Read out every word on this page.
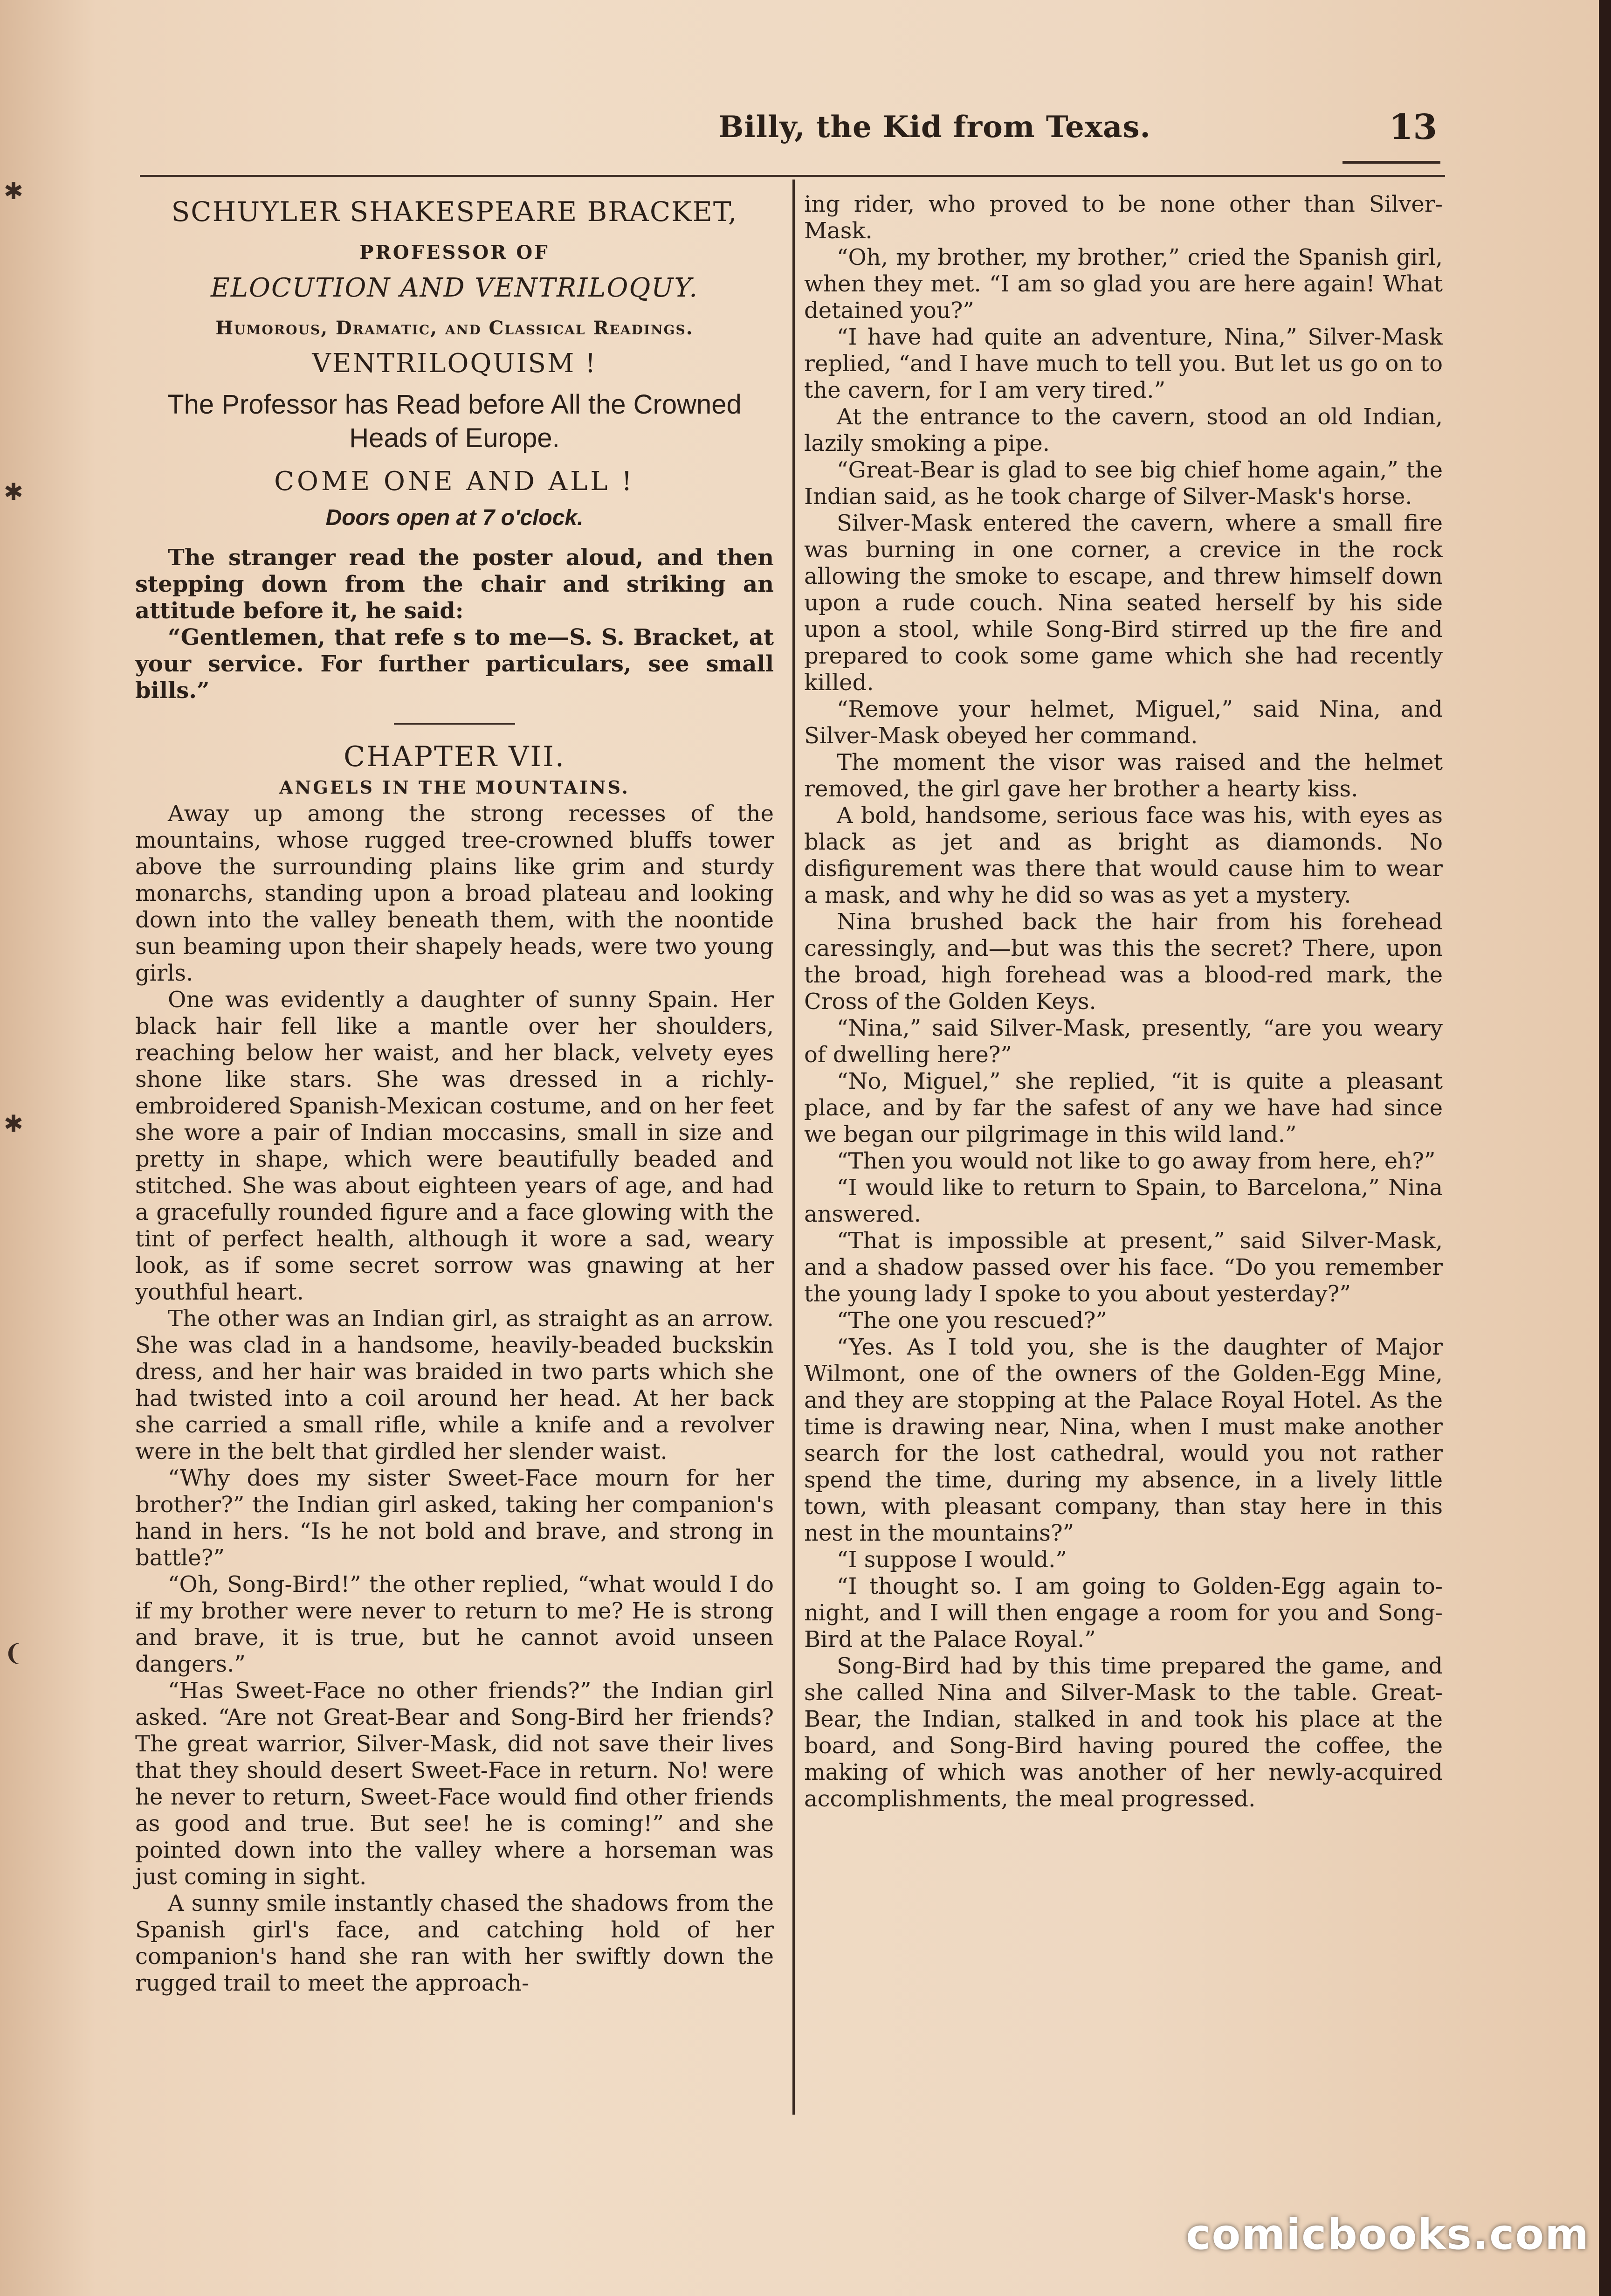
✱
✱
✱
❨
Billy, the Kid from Texas.	13
SCHUYLER SHAKESPEARE BRACKET,
PROFESSOR OF
ELOCUTION AND VENTRILOQUY.
Humorous, Dramatic, and Classical Readings.
VENTRILOQUISM !
The Professor has Read before All the Crowned Heads of Europe.
COME ONE AND ALL !
Doors open at 7 o'clock.

The stranger read the poster aloud, and then stepping down from the chair and striking an attitude before it, he said:

“Gentlemen, that refe s to me—S. S. Bracket, at your service. For further particulars, see small bills.”

CHAPTER VII.
ANGELS IN THE MOUNTAINS.

Away up among the strong recesses of the mountains, whose rugged tree-crowned bluffs tower above the surrounding plains like grim and sturdy monarchs, standing upon a broad plateau and looking down into the valley beneath them, with the noontide sun beaming upon their shapely heads, were two young girls.

One was evidently a daughter of sunny Spain. Her black hair fell like a mantle over her shoulders, reaching below her waist, and her black, velvety eyes shone like stars. She was dressed in a richly-embroidered Spanish-Mexican costume, and on her feet she wore a pair of Indian moccasins, small in size and pretty in shape, which were beautifully beaded and stitched. She was about eighteen years of age, and had a gracefully rounded figure and a face glowing with the tint of perfect health, although it wore a sad, weary look, as if some secret sorrow was gnawing at her youthful heart.

The other was an Indian girl, as straight as an arrow. She was clad in a handsome, heavily-beaded buckskin dress, and her hair was braided in two parts which she had twisted into a coil around her head. At her back she carried a small rifle, while a knife and a revolver were in the belt that girdled her slender waist.

“Why does my sister Sweet-Face mourn for her brother?” the Indian girl asked, taking her companion's hand in hers. “Is he not bold and brave, and strong in battle?”

“Oh, Song-Bird!” the other replied, “what would I do if my brother were never to return to me? He is strong and brave, it is true, but he cannot avoid unseen dangers.”

“Has Sweet-Face no other friends?” the Indian girl asked. “Are not Great-Bear and Song-Bird her friends? The great warrior, Silver-Mask, did not save their lives that they should desert Sweet-Face in return. No! were he never to return, Sweet-Face would find other friends as good and true. But see! he is coming!” and she pointed down into the valley where a horseman was just coming in sight.

A sunny smile instantly chased the shadows from the Spanish girl's face, and catching hold of her companion's hand she ran with her swiftly down the rugged trail to meet the approach-

ing rider, who proved to be none other than Silver-Mask.

“Oh, my brother, my brother,” cried the Spanish girl, when they met. “I am so glad you are here again! What detained you?”

“I have had quite an adventure, Nina,” Silver-Mask replied, “and I have much to tell you. But let us go on to the cavern, for I am very tired.”

At the entrance to the cavern, stood an old Indian, lazily smoking a pipe.

“Great-Bear is glad to see big chief home again,” the Indian said, as he took charge of Silver-Mask's horse.

Silver-Mask entered the cavern, where a small fire was burning in one corner, a crevice in the rock allowing the smoke to escape, and threw himself down upon a rude couch. Nina seated herself by his side upon a stool, while Song-Bird stirred up the fire and prepared to cook some game which she had recently killed.

“Remove your helmet, Miguel,” said Nina, and Silver-Mask obeyed her command.

The moment the visor was raised and the helmet removed, the girl gave her brother a hearty kiss.

A bold, handsome, serious face was his, with eyes as black as jet and as bright as diamonds. No disfigurement was there that would cause him to wear a mask, and why he did so was as yet a mystery.

Nina brushed back the hair from his forehead caressingly, and—but was this the secret? There, upon the broad, high forehead was a blood-red mark, the Cross of the Golden Keys.

“Nina,” said Silver-Mask, presently, “are you weary of dwelling here?”

“No, Miguel,” she replied, “it is quite a pleasant place, and by far the safest of any we have had since we began our pilgrimage in this wild land.”

“Then you would not like to go away from here, eh?”

“I would like to return to Spain, to Barcelona,” Nina answered.

“That is impossible at present,” said Silver-Mask, and a shadow passed over his face. “Do you remember the young lady I spoke to you about yesterday?”

“The one you rescued?”

“Yes. As I told you, she is the daughter of Major Wilmont, one of the owners of the Golden-Egg Mine, and they are stopping at the Palace Royal Hotel. As the time is drawing near, Nina, when I must make another search for the lost cathedral, would you not rather spend the time, during my absence, in a lively little town, with pleasant company, than stay here in this nest in the mountains?”

“I suppose I would.”

“I thought so. I am going to Golden-Egg again to-night, and I will then engage a room for you and Song-Bird at the Palace Royal.”

Song-Bird had by this time prepared the game, and she called Nina and Silver-Mask to the table. Great-Bear, the Indian, stalked in and took his place at the board, and Song-Bird having poured the coffee, the making of which was another of her newly-acquired accomplishments, the meal progressed.

comicbooks.com
